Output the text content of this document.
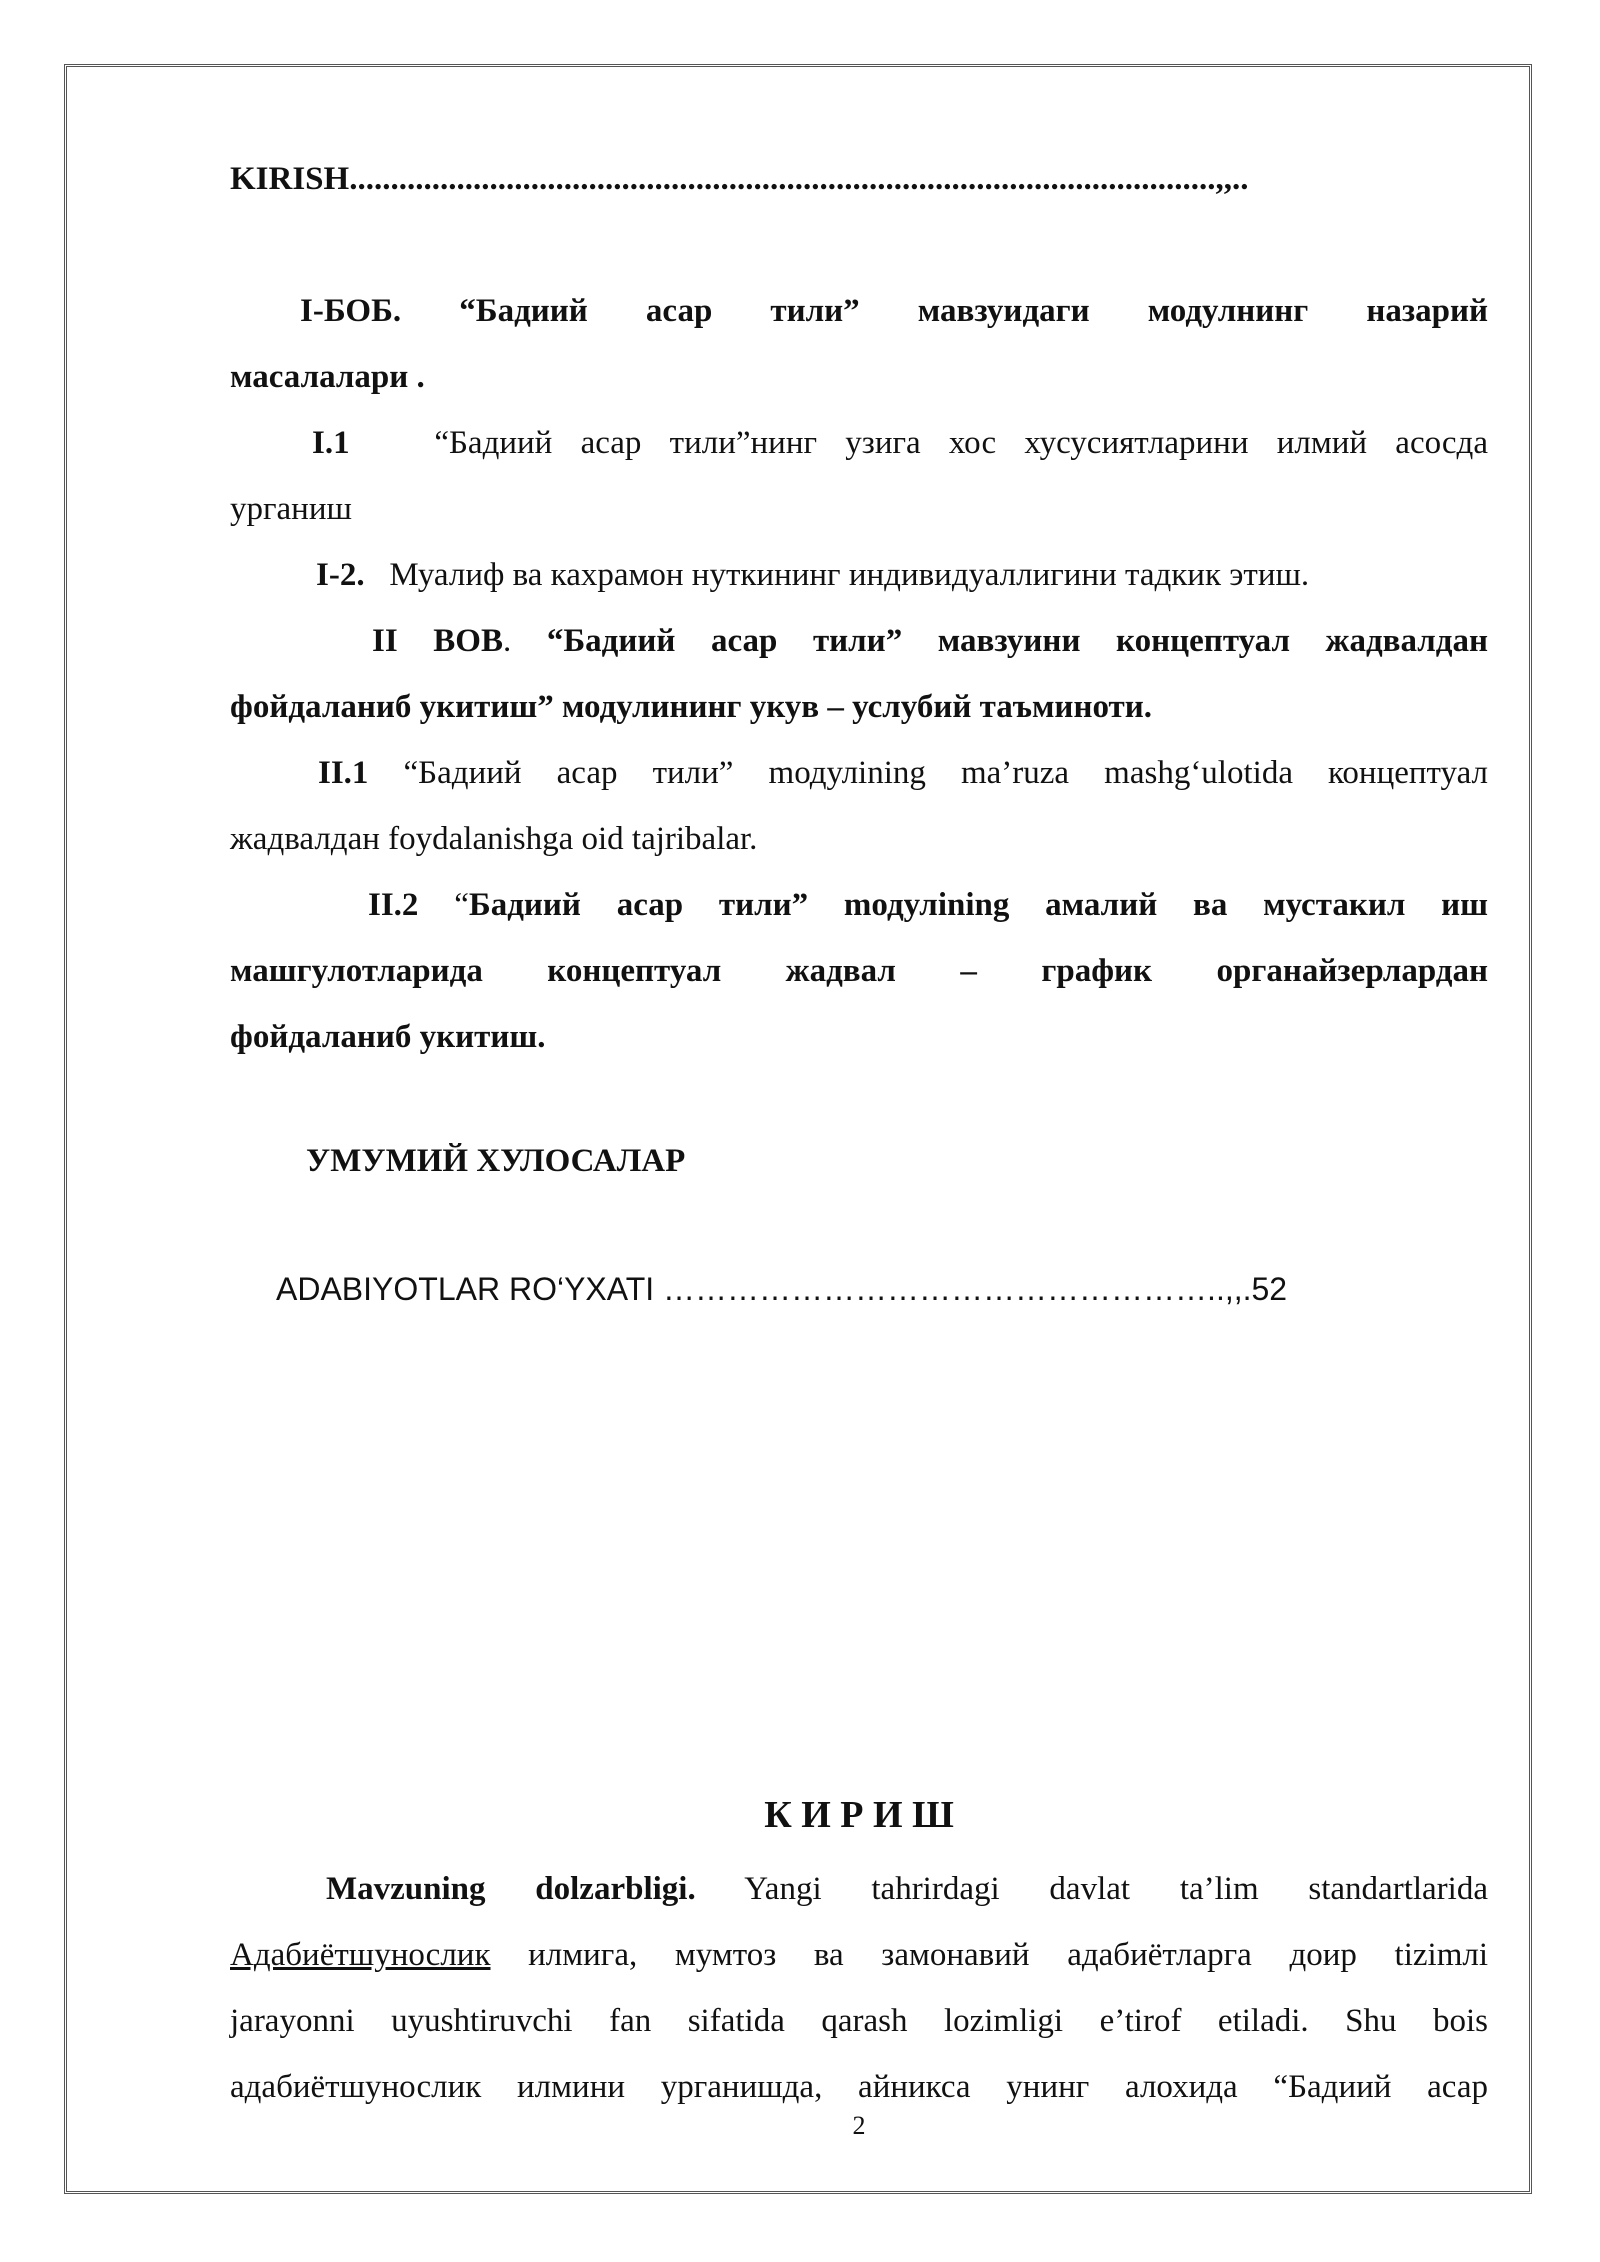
KIRISH.........................................................................................................,,..

I-БОБ. “Бадиий асар тили” мавзуидаги модулнинг назарий

масалалари .

I.1	“Бадиий асар тили”нинг узига хос хусусиятларини илмий асосда

урганиш

I-2. Муалиф ва кахрамон нуткининг индивидуаллигини тадкик этиш.

II ВОВ. “Бадиий асар тили” мавзуини концептуал жадвалдан

фойдаланиб укитиш” модулининг укув – услубий таъминоти.

II.1 “Бадиий асар тили” mодулining ma’ruza mashg‘ulotida концептуал

жадвалдан foydalanishga oid tajribalar.

II.2 “Бадиий асар тили” mодулining амалий ва мустакил иш

машгулотларида концептуал жадвал – график органайзерлардан

фойдаланиб укитиш.

УМУМИЙ ХУЛОСАЛАР

ADABIYOTLAR RO‘YXATI ……………………………………………..,,.52

К И Р И Ш

Mavzuning dolzarbligi. Yangi tahrirdagi davlat ta’lim standartlarida

Адабиётшунослик илмига, мумтоз ва замонавий адабиётларга доир tizimлі

jarayonni uyushtiruvchi fan sifatida qarash lozimligi e’tirof etiladi. Shu bois

адабиётшунослик илмини урганишда, айникса унинг алохида “Бадиий асар

2
